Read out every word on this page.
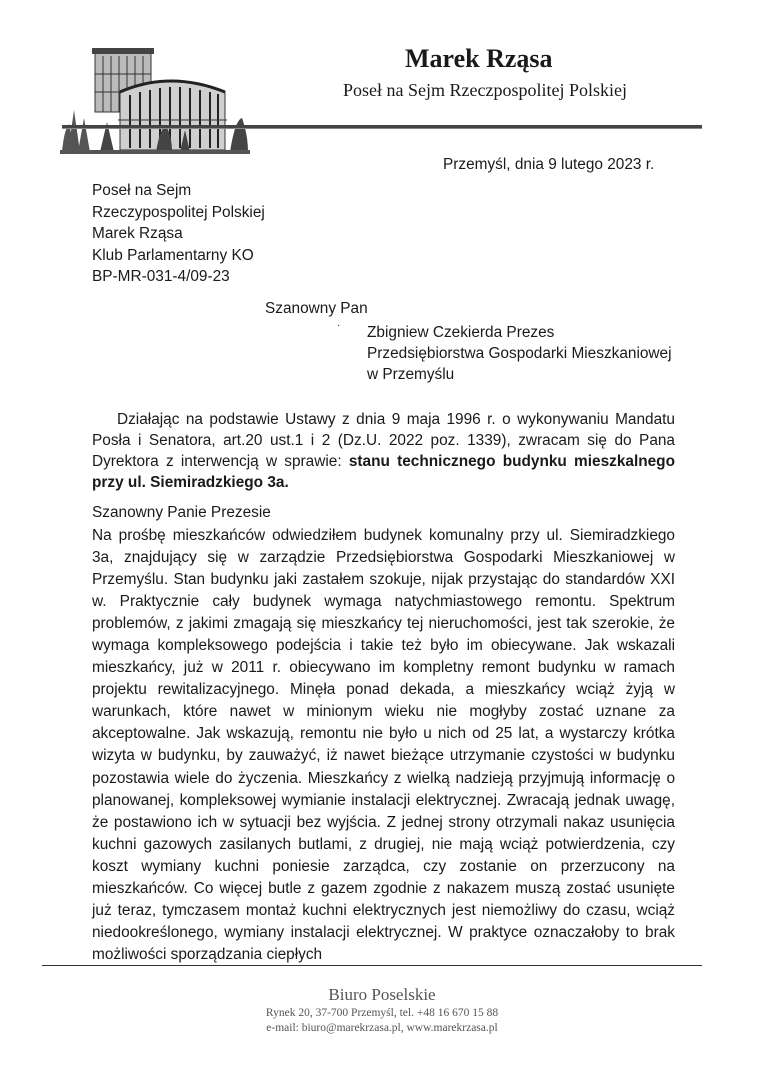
Marek Rząsa
Poseł na Sejm Rzeczpospolitej Polskiej
Przemyśl, dnia 9 lutego 2023 r.
Poseł na Sejm
Rzeczypospolitej Polskiej
Marek Rząsa
Klub Parlamentarny KO
BP-MR-031-4/09-23
Szanowny Pan
· Zbigniew Czekierda Prezes
Przedsiębiorstwa Gospodarki Mieszkaniowej
w Przemyślu

Działając na podstawie Ustawy z dnia 9 maja 1996 r. o wykonywaniu Mandatu Posła i Senatora, art.20 ust.1 i 2 (Dz.U. 2022 poz. 1339), zwracam się do Pana Dyrektora z interwencją w sprawie: stanu technicznego budynku mieszkalnego przy ul. Siemiradzkiego 3a.

Szanowny Panie Prezesie

Na prośbę mieszkańców odwiedziłem budynek komunalny przy ul. Siemiradzkiego 3a, znajdujący się w zarządzie Przedsiębiorstwa Gospodarki Mieszkaniowej w Przemyślu. Stan budynku jaki zastałem szokuje, nijak przystając do standardów XXI w. Praktycznie cały budynek wymaga natychmiastowego remontu. Spektrum problemów, z jakimi zmagają się mieszkańcy tej nieruchomości, jest tak szerokie, że wymaga kompleksowego podejścia i takie też było im obiecywane. Jak wskazali mieszkańcy, już w 2011 r. obiecywano im kompletny remont budynku w ramach projektu rewitalizacyjnego. Minęła ponad dekada, a mieszkańcy wciąż żyją w warunkach, które nawet w minionym wieku nie mogłyby zostać uznane za akceptowalne. Jak wskazują, remontu nie było u nich od 25 lat, a wystarczy krótka wizyta w budynku, by zauważyć, iż nawet bieżące utrzymanie czystości w budynku pozostawia wiele do życzenia. Mieszkańcy z wielką nadzieją przyjmują informację o planowanej, kompleksowej wymianie instalacji elektrycznej. Zwracają jednak uwagę, że postawiono ich w sytuacji bez wyjścia. Z jednej strony otrzymali nakaz usunięcia kuchni gazowych zasilanych butlami, z drugiej, nie mają wciąż potwierdzenia, czy koszt wymiany kuchni poniesie zarządca, czy zostanie on przerzucony na mieszkańców. Co więcej butle z gazem zgodnie z nakazem muszą zostać usunięte już teraz, tymczasem montaż kuchni elektrycznych jest niemożliwy do czasu, wciąż niedookreślonego, wymiany instalacji elektrycznej. W praktyce oznaczałoby to brak możliwości sporządzania ciepłych

Biuro Poselskie
Rynek 20, 37-700 Przemyśl, tel. +48 16 670 15 88
e-mail: biuro@marekrzasa.pl, www.marekrzasa.pl
